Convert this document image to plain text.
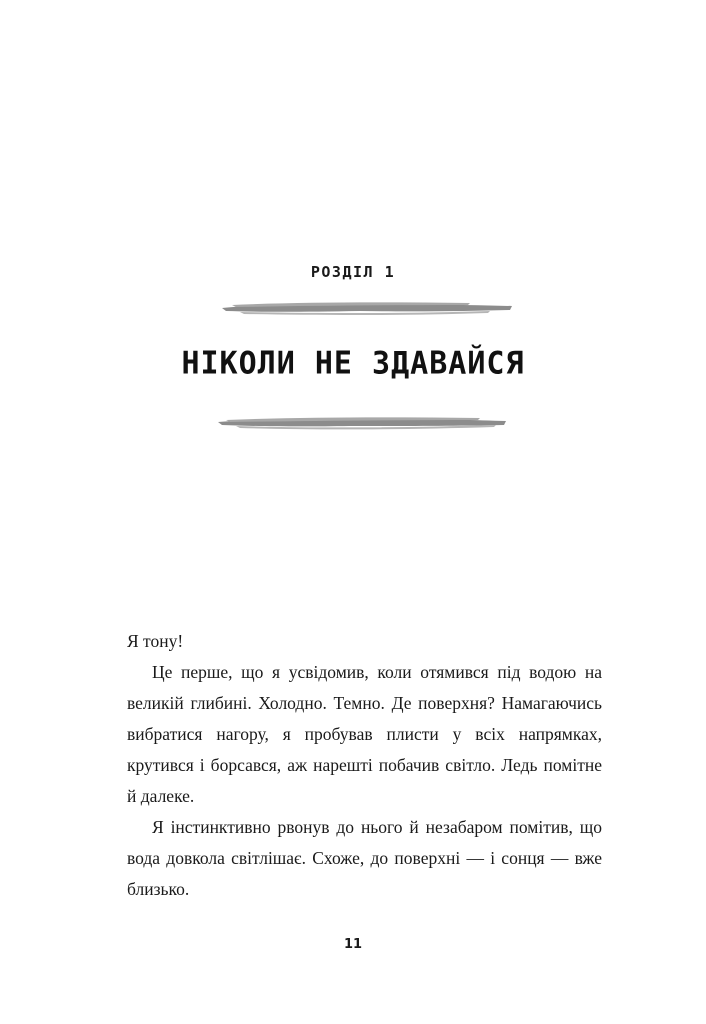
РОЗДІЛ 1
НІКОЛИ НЕ ЗДАВАЙСЯ

Я тону!

Це перше, що я усвідомив, коли отямився під водою на великій глибині. Холодно. Темно. Де поверхня? Намагаючись вибратися нагору, я пробував плисти у всіх напрямках, крутився і борсався, аж нарешті побачив світло. Ледь помітне й далеке.

Я інстинктивно рвонув до нього й незабаром помітив, що вода довкола світлішає. Схоже, до поверхні — і сонця — вже близько.

11
